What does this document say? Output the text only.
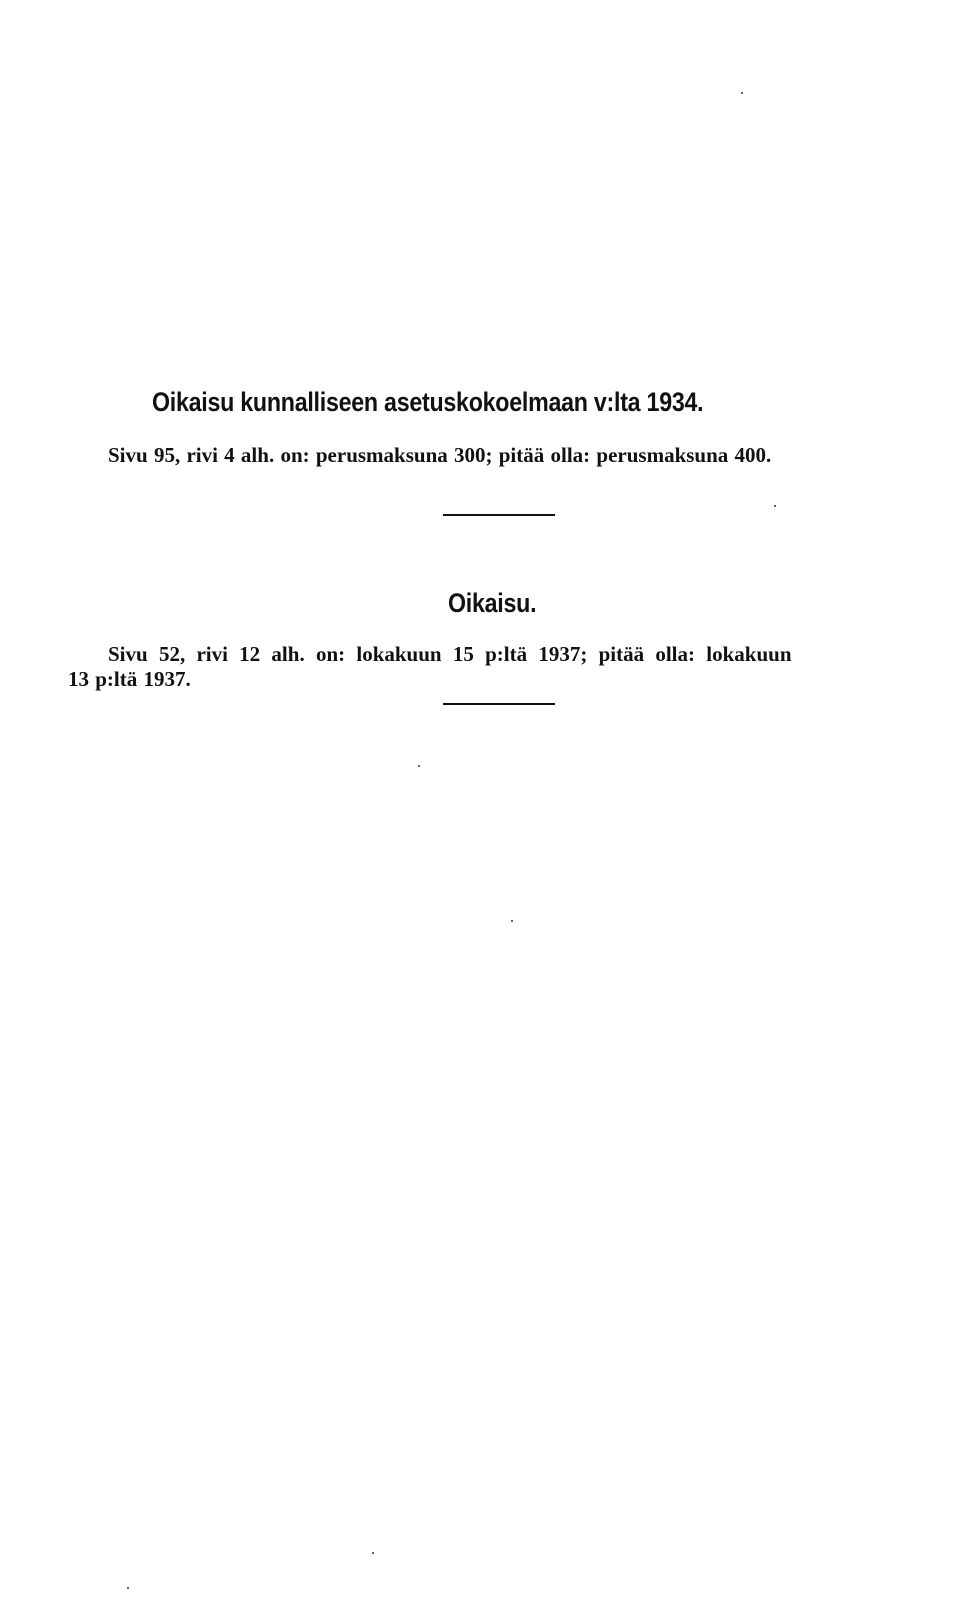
Oikaisu kunnalliseen asetuskokoelmaan v:lta 1934.
Sivu 95, rivi 4 alh. on: perusmaksuna 300; pitää olla: perusmaksuna 400.
Oikaisu.
Sivu 52, rivi 12 alh. on: lokakuun 15 p:ltä 1937; pitää olla: lokakuun
13 p:ltä 1937.
